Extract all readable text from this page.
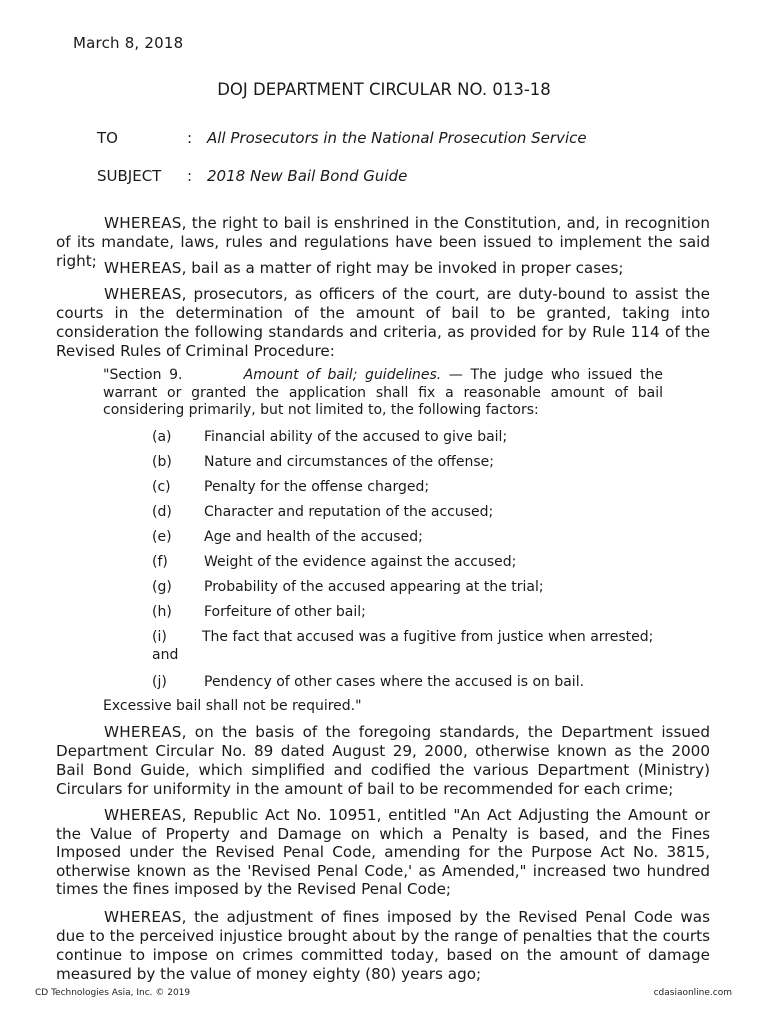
March 8, 2018
DOJ DEPARTMENT CIRCULAR NO. 013-18
TO	: All Prosecutors in the National Prosecution Service
SUBJECT : 2018 New Bail Bond Guide
WHEREAS, the right to bail is enshrined in the Constitution, and, in recognition of its mandate, laws, rules and regulations have been issued to implement the said right; WHEREAS, bail as a matter of right may be invoked in proper cases;
WHEREAS, prosecutors, as officers of the court, are duty-bound to assist the courts in the determination of the amount of bail to be granted, taking into consideration the following standards and criteria, as provided for by Rule 114 of the Revised Rules of Criminal Procedure:
"Section 9.	Amount of bail; guidelines. — The judge who issued the warrant or granted the application shall fix a reasonable amount of bail considering primarily, but not limited to, the following factors:
(a) Financial ability of the accused to give bail;
(b) Nature and circumstances of the offense;
(c) Penalty for the offense charged;
(d) Character and reputation of the accused;
(e) Age and health of the accused;
(f)	Weight of the evidence against the accused;
(g) Probability of the accused appearing at the trial;
(h) Forfeiture of other bail;
(i)	The fact that accused was a fugitive from justice when arrested; and
(j)	Pendency of other cases where the accused is on bail.
Excessive bail shall not be required."
WHEREAS, on the basis of the foregoing standards, the Department issued Department Circular No. 89 dated August 29, 2000, otherwise known as the 2000 Bail Bond Guide, which simplified and codified the various Department (Ministry) Circulars for uniformity in the amount of bail to be recommended for each crime;
WHEREAS, Republic Act No. 10951, entitled "An Act Adjusting the Amount or the Value of Property and Damage on which a Penalty is based, and the Fines Imposed under the Revised Penal Code, amending for the Purpose Act No. 3815, otherwise known as the 'Revised Penal Code,' as Amended," increased two hundred times the fines imposed by the Revised Penal Code;
WHEREAS, the adjustment of fines imposed by the Revised Penal Code was due to the perceived injustice brought about by the range of penalties that the courts continue to impose on crimes committed today, based on the amount of damage measured by the value of money eighty (80) years ago;
CD Technologies Asia, Inc. © 2019	cdasiaonline.com
